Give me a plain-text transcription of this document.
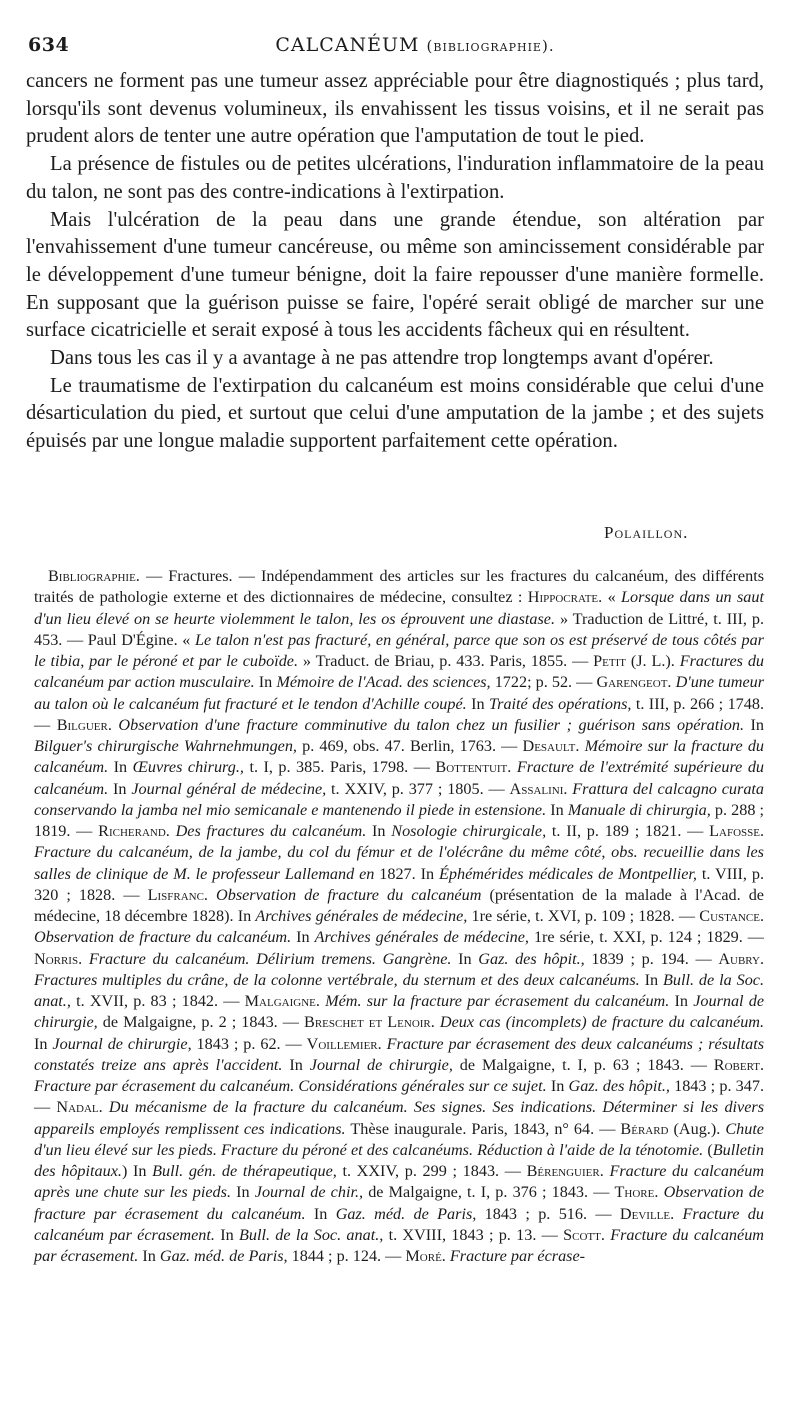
634	CALCANÉUM (bibliographie).

cancers ne forment pas une tumeur assez appréciable pour être diagnostiqués ; plus tard, lorsqu'ils sont devenus volumineux, ils envahissent les tissus voisins, et il ne serait pas prudent alors de tenter une autre opération que l'amputation de tout le pied.

La présence de fistules ou de petites ulcérations, l'induration inflammatoire de la peau du talon, ne sont pas des contre-indications à l'extirpation.

Mais l'ulcération de la peau dans une grande étendue, son altération par l'envahissement d'une tumeur cancéreuse, ou même son amincissement considérable par le développement d'une tumeur bénigne, doit la faire repousser d'une manière formelle. En supposant que la guérison puisse se faire, l'opéré serait obligé de marcher sur une surface cicatricielle et serait exposé à tous les accidents fâcheux qui en résultent.

Dans tous les cas il y a avantage à ne pas attendre trop longtemps avant d'opérer.

Le traumatisme de l'extirpation du calcanéum est moins considérable que celui d'une désarticulation du pied, et surtout que celui d'une amputation de la jambe ; et des sujets épuisés par une longue maladie supportent parfaitement cette opération.

Polaillon.

Bibliographie. — Fractures. — Indépendamment des articles sur les fractures du calcanéum, des différents traités de pathologie externe et des dictionnaires de médecine, consultez : Hippocrate. « Lorsque dans un saut d'un lieu élevé on se heurte violemment le talon, les os éprouvent une diastase. » Traduction de Littré, t. III, p. 453. — Paul D'Égine. « Le talon n'est pas fracturé, en général, parce que son os est préservé de tous côtés par le tibia, par le péroné et par le cuboïde. » Traduct. de Briau, p. 433. Paris, 1855. — Petit (J. L.). Fractures du calcanéum par action musculaire. In Mémoire de l'Acad. des sciences, 1722; p. 52. — Garengeot. D'une tumeur au talon où le calcanéum fut fracturé et le tendon d'Achille coupé. In Traité des opérations, t. III, p. 266 ; 1748. — Bilguer. Observation d'une fracture comminutive du talon chez un fusilier ; guérison sans opération. In Bilguer's chirurgische Wahrnehmungen, p. 469, obs. 47. Berlin, 1763. — Desault. Mémoire sur la fracture du calcanéum. In Œuvres chirurg., t. I, p. 385. Paris, 1798. — Bottentuit. Fracture de l'extrémité supérieure du calcanéum. In Journal général de médecine, t. XXIV, p. 377 ; 1805. — Assalini. Frattura del calcagno curata conservando la jamba nel mio semicanale e mantenendo il piede in estensione. In Manuale di chirurgia, p. 288 ; 1819. — Richerand. Des fractures du calcanéum. In Nosologie chirurgicale, t. II, p. 189 ; 1821. — Lafosse. Fracture du calcanéum, de la jambe, du col du fémur et de l'olécrâne du même côté, obs. recueillie dans les salles de clinique de M. le professeur Lallemand en 1827. In Éphémérides médicales de Montpellier, t. VIII, p. 320 ; 1828. — Lisfranc. Observation de fracture du calcanéum (présentation de la malade à l'Acad. de médecine, 18 décembre 1828). In Archives générales de médecine, 1re série, t. XVI, p. 109 ; 1828. — Custance. Observation de fracture du calcanéum. In Archives générales de médecine, 1re série, t. XXI, p. 124 ; 1829. — Norris. Fracture du calcanéum. Délirium tremens. Gangrène. In Gaz. des hôpit., 1839 ; p. 194. — Aubry. Fractures multiples du crâne, de la colonne vertébrale, du sternum et des deux calcanéums. In Bull. de la Soc. anat., t. XVII, p. 83 ; 1842. — Malgaigne. Mém. sur la fracture par écrasement du calcanéum. In Journal de chirurgie, de Malgaigne, p. 2 ; 1843. — Breschet et Lenoir. Deux cas (incomplets) de fracture du calcanéum. In Journal de chirurgie, 1843 ; p. 62. — Voillemier. Fracture par écrasement des deux calcanéums ; résultats constatés treize ans après l'accident. In Journal de chirurgie, de Malgaigne, t. I, p. 63 ; 1843. — Robert. Fracture par écrasement du calcanéum. Considérations générales sur ce sujet. In Gaz. des hôpit., 1843 ; p. 347. — Nadal. Du mécanisme de la fracture du calcanéum. Ses signes. Ses indications. Déterminer si les divers appareils employés remplissent ces indications. Thèse inaugurale. Paris, 1843, n° 64. — Bérard (Aug.). Chute d'un lieu élevé sur les pieds. Fracture du péroné et des calcanéums. Réduction à l'aide de la ténotomie. (Bulletin des hôpitaux.) In Bull. gén. de thérapeutique, t. XXIV, p. 299 ; 1843. — Bérenguier. Fracture du calcanéum après une chute sur les pieds. In Journal de chir., de Malgaigne, t. I, p. 376 ; 1843. — Thore. Observation de fracture par écrasement du calcanéum. In Gaz. méd. de Paris, 1843 ; p. 516. — Deville. Fracture du calcanéum par écrasement. In Bull. de la Soc. anat., t. XVIII, 1843 ; p. 13. — Scott. Fracture du calcanéum par écrasement. In Gaz. méd. de Paris, 1844 ; p. 124. — Moré. Fracture par écrase-
